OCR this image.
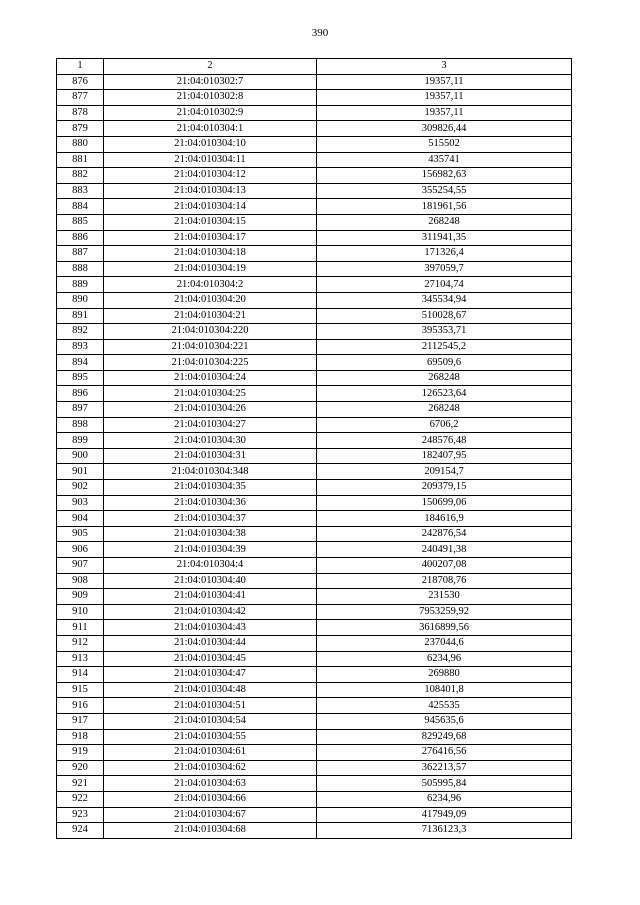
390
1	2	3
876	21:04:010302:7	19357,11
877	21:04:010302:8	19357,11
878	21:04:010302:9	19357,11
879	21:04:010304:1	309826,44
880	21:04:010304:10	515502
881	21:04:010304:11	435741
882	21:04:010304:12	156982,63
883	21:04:010304:13	355254,55
884	21:04:010304:14	181961,56
885	21:04:010304:15	268248
886	21:04:010304:17	311941,35
887	21:04:010304:18	171326,4
888	21:04:010304:19	397059,7
889	21:04:010304:2	27104,74
890	21:04:010304:20	345534,94
891	21:04:010304:21	510028,67
892	21:04:010304:220	395353,71
893	21:04:010304:221	2112545,2
894	21:04:010304:225	69509,6
895	21:04:010304:24	268248
896	21:04:010304:25	126523,64
897	21:04:010304:26	268248
898	21:04:010304:27	6706,2
899	21:04:010304:30	248576,48
900	21:04:010304:31	182407,95
901	21:04:010304:348	209154,7
902	21:04:010304:35	209379,15
903	21:04:010304:36	150699,06
904	21:04:010304:37	184616,9
905	21:04:010304:38	242876,54
906	21:04:010304:39	240491,38
907	21:04:010304:4	400207,08
908	21:04:010304:40	218708,76
909	21:04:010304:41	231530
910	21:04:010304:42	7953259,92
911	21:04:010304:43	3616899,56
912	21:04:010304:44	237044,6
913	21:04:010304:45	6234,96
914	21:04:010304:47	269880
915	21:04:010304:48	108401,8
916	21:04:010304:51	425535
917	21:04:010304:54	945635,6
918	21:04:010304:55	829249,68
919	21:04:010304:61	276416,56
920	21:04:010304:62	362213,57
921	21:04:010304:63	505995,84
922	21:04:010304:66	6234,96
923	21:04:010304:67	417949,09
924	21:04:010304:68	7136123,3
